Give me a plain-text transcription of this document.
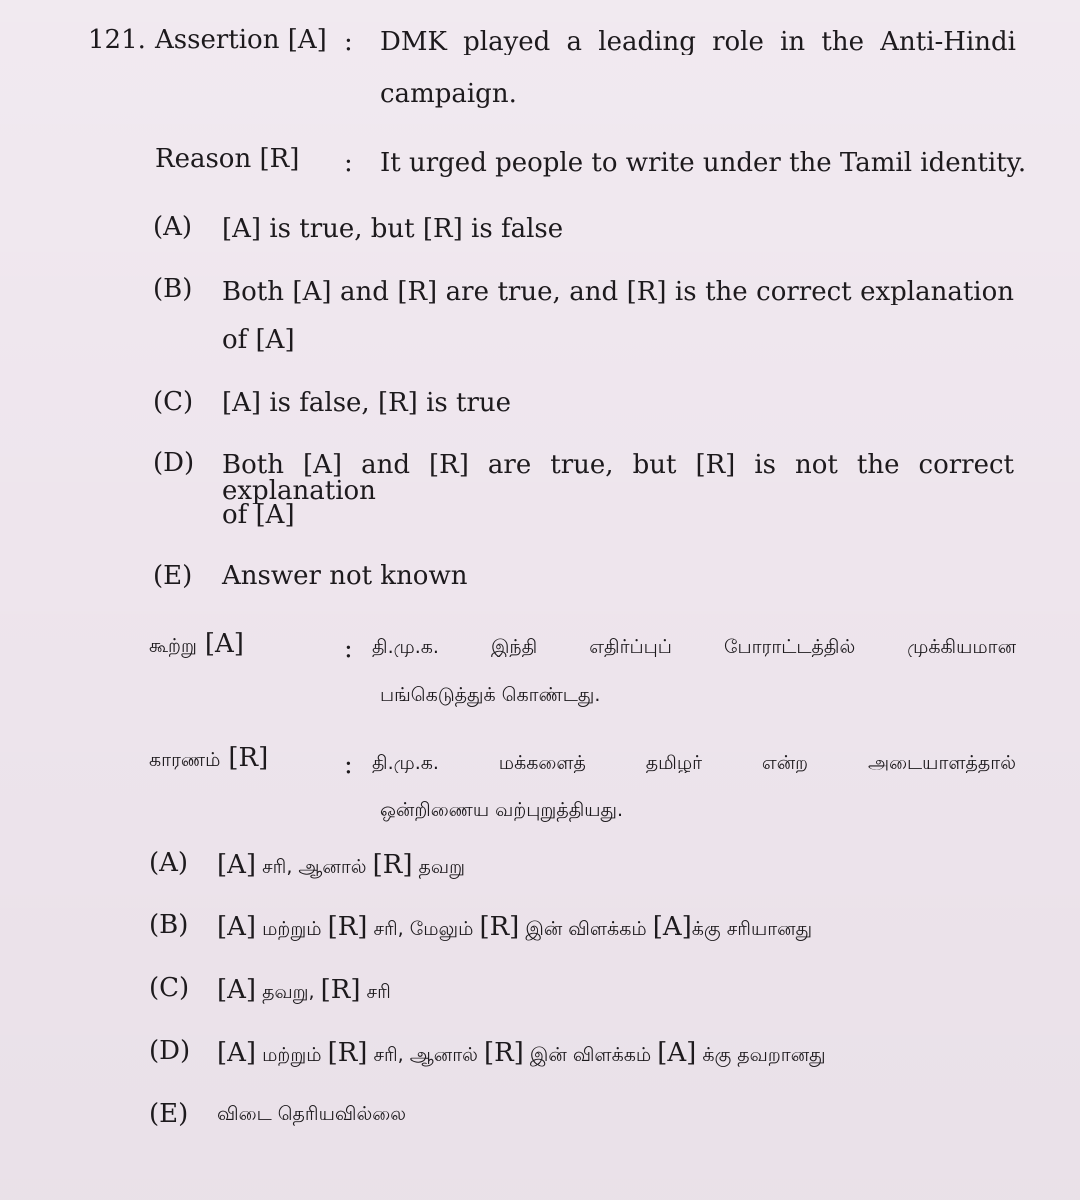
121. Assertion [A] : DMK played a leading role in the Anti-Hindi
campaign.
Reason [R] : It urged people to write under the Tamil identity.
(A) [A] is true, but [R] is false
(B) Both [A] and [R] are true, and [R] is the correct explanation
of [A]
(C) [A] is false, [R] is true
(D) Both [A] and [R] are true, but [R] is not the correct explanation
of [A]
(E) Answer not known
கூற்று [A]	: தி.மு.க. இந்தி எதிர்ப்புப் போராட்டத்தில் முக்கியமான
பங்கெடுத்துக் கொண்டது.
காரணம் [R]	: தி.மு.க. மக்களைத் தமிழர் என்ற அடையாளத்தால்
ஒன்றிணைய வற்புறுத்தியது.
(A) [A] சரி, ஆனால் [R] தவறு
(B) [A] மற்றும் [R] சரி, மேலும் [R] இன் விளக்கம் [A]க்கு சரியானது
(C) [A] தவறு, [R] சரி
(D) [A] மற்றும் [R] சரி, ஆனால் [R] இன் விளக்கம் [A] க்கு தவறானது
(E) விடை தெரியவில்லை
